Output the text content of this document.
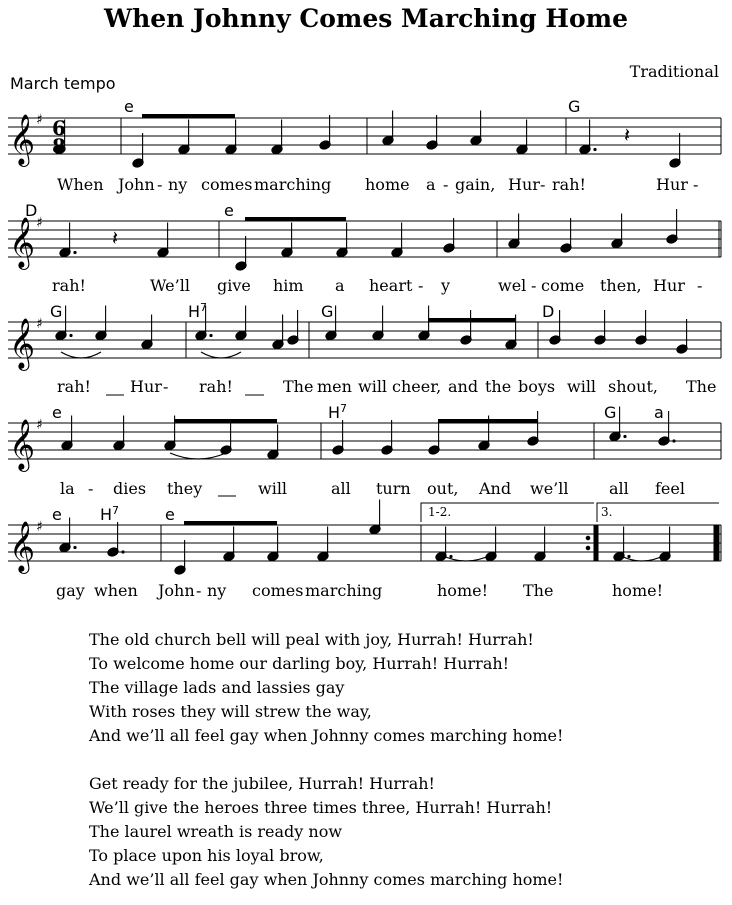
When Johnny Comes Marching Home
Traditional
March tempo
𝄞
𝄞
𝄞
𝄞
𝄞
♯
♯
♯
♯
♯
6
8	𝄽
𝄽
e	G
D	e
G	$H^7$	G	D
e	$H^7$	G a
e $H^7$	e	1-2.	3.
When John - ny comes marching home a - gain, Hur - rah!	Hur -
rah!	We’ll give him a heart - y	wel - come then, Hur -
rah! Hur - rah!	The men will cheer, and the boys will shout, The
la - dies they	will	all turn out, And we’ll	all feel
gay when John - ny comes marching	home! The	home!
The old church bell will peal with joy, Hurrah! Hurrah!
To welcome home our darling boy, Hurrah! Hurrah!
The village lads and lassies gay
With roses they will strew the way,
And we’ll all feel gay when Johnny comes marching home!
Get ready for the jubilee, Hurrah! Hurrah!
We’ll give the heroes three times three, Hurrah! Hurrah!
The laurel wreath is ready now
To place upon his loyal brow,
And we’ll all feel gay when Johnny comes marching home!
